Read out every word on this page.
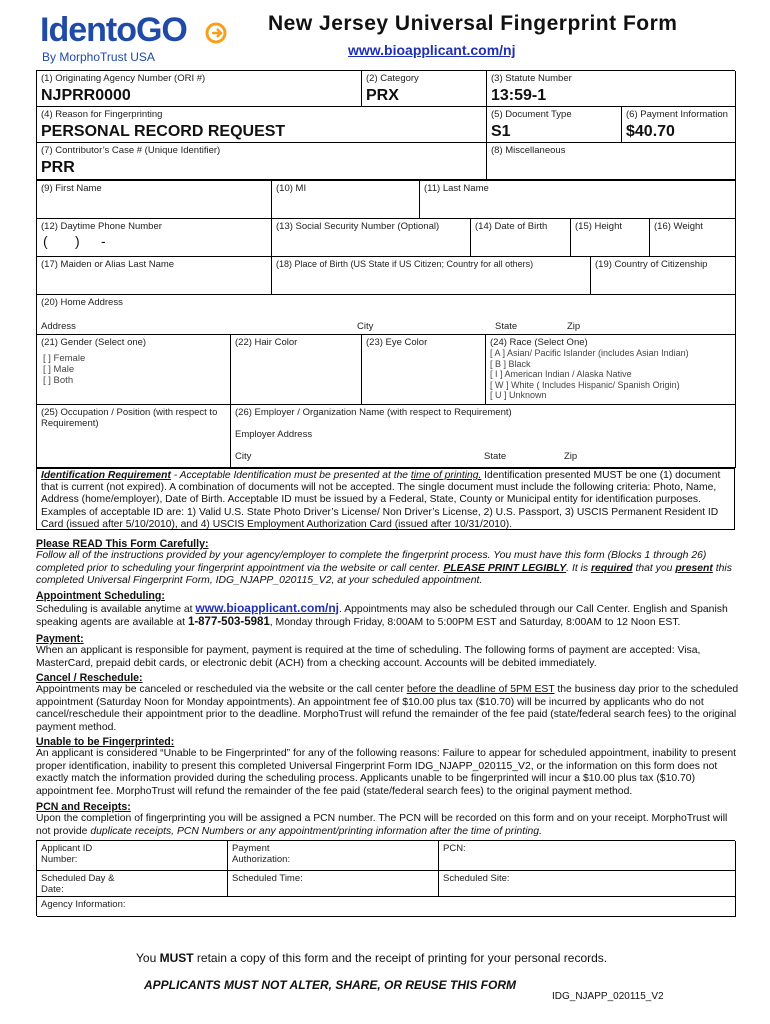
IdentoGO
By MorphoTrust USA
New Jersey Universal Fingerprint Form
www.bioapplicant.com/nj
(1) Originating Agency Number (ORI #)
NJPRR0000
(2) Category
PRX
(3) Statute Number
13:59-1
(4) Reason for Fingerprinting
PERSONAL RECORD REQUEST
(5) Document Type
S1
(6) Payment Information
$40.70
(7) Contributor’s Case # (Unique Identifier)
PRR
(8) Miscellaneous
(9) First Name	(10) MI	(11) Last Name
(12) Daytime Phone Number
( ) -
(13) Social Security Number (Optional)	(14) Date of Birth	(15) Height	(16) Weight
(17) Maiden or Alias Last Name	(18) Place of Birth (US State if US Citizen; Country for all others)	(19) Country of Citizenship
(20) Home Address
Address	City	State	Zip
(21) Gender (Select one)
[ ] Female
[ ] Male
[ ] Both
(22) Hair Color	(23) Eye Color	(24) Race (Select One)
[ A ] Asian/ Pacific Islander (includes Asian Indian)
[ B ] Black
[ I ] American Indian / Alaska Native
[ W ] White ( Includes Hispanic/ Spanish Origin)
[ U ] Unknown
(25) Occupation / Position (with respect to
Requirement)
(26) Employer / Organization Name (with respect to Requirement)
Employer Address
City	State	Zip
Identification Requirement - Acceptable Identification must be presented at the time of printing. Identification presented MUST be one (1) document that is current (not expired). A combination of documents will not be accepted. The single document must include the following criteria: Photo, Name, Address (home/employer), Date of Birth. Acceptable ID must be issued by a Federal, State, County or Municipal entity for identification purposes. Examples of acceptable ID are: 1) Valid U.S. State Photo Driver’s License/ Non Driver’s License, 2) U.S. Passport, 3) USCIS Permanent Resident ID Card (issued after 5/10/2010), and 4) USCIS Employment Authorization Card (issued after 10/31/2010).
Please READ This Form Carefully:
Follow all of the instructions provided by your agency/employer to complete the fingerprint process. You must have this form (Blocks 1 through 26) completed prior to scheduling your fingerprint appointment via the website or call center. PLEASE PRINT LEGIBLY. It is required that you present this completed Universal Fingerprint Form, IDG_NJAPP_020115_V2, at your scheduled appointment.
Appointment Scheduling:
Scheduling is available anytime at www.bioapplicant.com/nj. Appointments may also be scheduled through our Call Center. English and Spanish speaking agents are available at 1-877-503-5981, Monday through Friday, 8:00AM to 5:00PM EST and Saturday, 8:00AM to 12 Noon EST.
Payment:
When an applicant is responsible for payment, payment is required at the time of scheduling. The following forms of payment are accepted: Visa, MasterCard, prepaid debit cards, or electronic debit (ACH) from a checking account. Accounts will be debited immediately.
Cancel / Reschedule:
Appointments may be canceled or rescheduled via the website or the call center before the deadline of 5PM EST the business day prior to the scheduled appointment (Saturday Noon for Monday appointments). An appointment fee of $10.00 plus tax ($10.70) will be incurred by applicants who do not cancel/reschedule their appointment prior to the deadline. MorphoTrust will refund the remainder of the fee paid (state/federal search fees) to the original payment method.
Unable to be Fingerprinted:
An applicant is considered “Unable to be Fingerprinted” for any of the following reasons: Failure to appear for scheduled appointment, inability to present proper identification, inability to present this completed Universal Fingerprint Form IDG_NJAPP_020115_V2, or the information on this form does not exactly match the information provided during the scheduling process. Applicants unable to be fingerprinted will incur a $10.00 plus tax ($10.70) appointment fee. MorphoTrust will refund the remainder of the fee paid (state/federal search fees) to the original payment method.
PCN and Receipts:
Upon the completion of fingerprinting you will be assigned a PCN number. The PCN will be recorded on this form and on your receipt. MorphoTrust will not provide duplicate receipts, PCN Numbers or any appointment/printing information after the time of printing.
Applicant ID Number:
Payment Authorization:
PCN:
Scheduled Day & Date:
Scheduled Time:	Scheduled Site:
Agency Information:
You MUST retain a copy of this form and the receipt of printing for your personal records.
APPLICANTS MUST NOT ALTER, SHARE, OR REUSE THIS FORM
IDG_NJAPP_020115_V2
